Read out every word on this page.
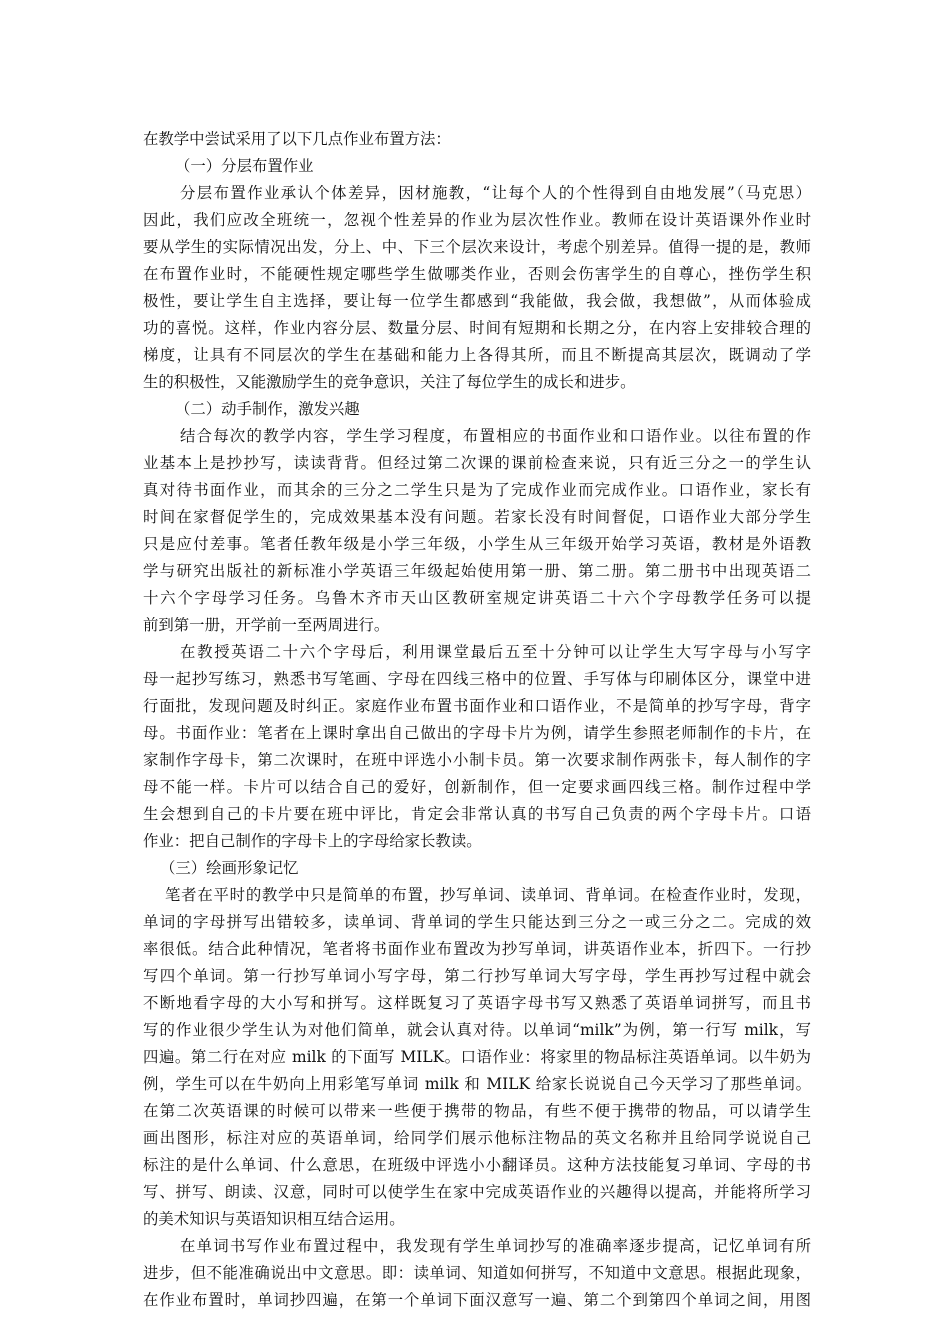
在教学中尝试采用了以下几点作业布置方法：
（一）分层布置作业
分层布置作业承认个体差异，因材施教，“让每个人的个性得到自由地发展”（马克思）
因此，我们应改全班统一，忽视个性差异的作业为层次性作业。教师在设计英语课外作业时
要从学生的实际情况出发，分上、中、下三个层次来设计，考虑个别差异。值得一提的是，教师
在布置作业时，不能硬性规定哪些学生做哪类作业，否则会伤害学生的自尊心，挫伤学生积
极性，要让学生自主选择，要让每一位学生都感到“我能做，我会做，我想做”，从而体验成
功的喜悦。这样，作业内容分层、数量分层、时间有短期和长期之分，在内容上安排较合理的
梯度，让具有不同层次的学生在基础和能力上各得其所，而且不断提高其层次，既调动了学
生的积极性，又能激励学生的竞争意识，关注了每位学生的成长和进步。
（二）动手制作，激发兴趣
结合每次的教学内容，学生学习程度，布置相应的书面作业和口语作业。以往布置的作
业基本上是抄抄写，读读背背。但经过第二次课的课前检查来说，只有近三分之一的学生认
真对待书面作业，而其余的三分之二学生只是为了完成作业而完成作业。口语作业，家长有
时间在家督促学生的，完成效果基本没有问题。若家长没有时间督促，口语作业大部分学生
只是应付差事。笔者任教年级是小学三年级，小学生从三年级开始学习英语，教材是外语教
学与研究出版社的新标准小学英语三年级起始使用第一册、第二册。第二册书中出现英语二
十六个字母学习任务。乌鲁木齐市天山区教研室规定讲英语二十六个字母教学任务可以提
前到第一册，开学前一至两周进行。
在教授英语二十六个字母后，利用课堂最后五至十分钟可以让学生大写字母与小写字
母一起抄写练习，熟悉书写笔画、字母在四线三格中的位置、手写体与印刷体区分，课堂中进
行面批，发现问题及时纠正。家庭作业布置书面作业和口语作业，不是简单的抄写字母，背字
母。书面作业：笔者在上课时拿出自己做出的字母卡片为例，请学生参照老师制作的卡片，在
家制作字母卡，第二次课时，在班中评选小小制卡员。第一次要求制作两张卡，每人制作的字
母不能一样。卡片可以结合自己的爱好，创新制作，但一定要求画四线三格。制作过程中学
生会想到自己的卡片要在班中评比，肯定会非常认真的书写自己负责的两个字母卡片。口语
作业：把自己制作的字母卡上的字母给家长教读。
（三）绘画形象记忆
笔者在平时的教学中只是简单的布置，抄写单词、读单词、背单词。在检查作业时，发现，
单词的字母拼写出错较多，读单词、背单词的学生只能达到三分之一或三分之二。完成的效
率很低。结合此种情况，笔者将书面作业布置改为抄写单词，讲英语作业本，折四下。一行抄
写四个单词。第一行抄写单词小写字母，第二行抄写单词大写字母，学生再抄写过程中就会
不断地看字母的大小写和拼写。这样既复习了英语字母书写又熟悉了英语单词拼写，而且书
写的作业很少学生认为对他们简单，就会认真对待。以单词“milk”为例，第一行写 milk，写
四遍。第二行在对应 milk 的下面写 MILK。口语作业：将家里的物品标注英语单词。以牛奶为
例，学生可以在牛奶向上用彩笔写单词 milk 和 MILK 给家长说说自己今天学习了那些单词。
在第二次英语课的时候可以带来一些便于携带的物品，有些不便于携带的物品，可以请学生
画出图形，标注对应的英语单词，给同学们展示他标注物品的英文名称并且给同学说说自己
标注的是什么单词、什么意思，在班级中评选小小翻译员。这种方法技能复习单词、字母的书
写、拼写、朗读、汉意，同时可以使学生在家中完成英语作业的兴趣得以提高，并能将所学习
的美术知识与英语知识相互结合运用。
在单词书写作业布置过程中，我发现有学生单词抄写的准确率逐步提高，记忆单词有所
进步，但不能准确说出中文意思。即：读单词、知道如何拼写，不知道中文意思。根据此现象，
在作业布置时，单词抄四遍，在第一个单词下面汉意写一遍、第二个到第四个单词之间，用图
